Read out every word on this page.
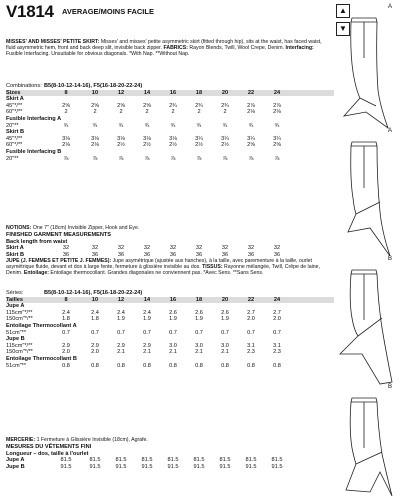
V1814 AVERAGE/MOINS FACILE	▲
▼
MISSES' AND MISSES' PETITE SKIRT: Misses' and misses' petite asymmetric skirt (fitted through hip), sits at the waist, has faced waist, fluid asymmetric hem, front and back deep slit, invisible back zipper. FABRICS: Rayon Blends, Twill, Wool Crepe, Denim. Interfacing: Fusible Interfacing. Unsuitable for obvious diagonals. *With Nap. **Without Nap.
Combinations: B5(8-10-12-14-16), F5(16-18-20-22-24)
Sizes	8	10	12	14	16	18	20	22	24
Skirt A
45"*/**	2⅝	2⅝	2⅝	2⅝	2¾	2¾	2¾	2⅞	2⅞
60"*/**	2	2	2	2	2	2	2	2⅛	2⅛
Fusible Interfacing A
20"**	¾	¾	¾	¾	¾	¾	¾	¾	¾
Skirt B
45"*/**	3⅛	3⅛	3⅛	3⅛	3⅛	3¼	3¼	3¼	3¼
60"*/**	2⅛	2⅛	2½	2½	2½	2½	2½	2⅝	2⅝
Fusible Interfacing B
20"**	⅞	⅞	⅞	⅞	⅞	⅞	⅞	⅞	⅞
NOTIONS: One 7" (18cm) Invisible Zipper, Hook and Eye.
FINISHED GARMENT MEASUREMENTS
Back length from waist
Skirt A	32	32	32	32	32	32	32	32	32
Skirt B	36	36	36	36	36	36	36	36	36
JUPE (J. FEMMES ET PETITE J. FEMMES): Jupe asymétrique (ajustée aux hanches), à la taille, avec parementure à la taille, ourlet asymétrique fluide, devant et dos à large fente, fermeture à glissière invisible au dos. TISSUS: Rayonne mélangée, Twill, Crêpe de laine, Denim. Entoilage: Entoilage thermocollant. Grandes diagonales ne conviennent pas. *Avec Sens. **Sans Sens.
Séries:	B5(8-10-12-14-16), F5(16-18-20-22-24)
Tailles	8	10	12	14	16	18	20	22	24
Jupe A
115cm"*/**	2.4	2.4	2.4	2.4	2.6	2.6	2.6	2.7	2.7
150cm"*/**	1.8	1.8	1.9	1.9	1.9	1.9	1.9	2.0	2.0
Entoilage Thermocollant A
51cm"**	0.7	0.7	0.7	0.7	0.7	0.7	0.7	0.7	0.7
Jupe B
115cm"*/**	2.9	2.9	2.9	2.9	3.0	3.0	3.0	3.1	3.1
150cm"*/**	2.0	2.0	2.1	2.1	2.1	2.1	2.1	2.3	2.3
Entoilage Thermocollant B
51cm"**	0.8	0.8	0.8	0.8	0.8	0.8	0.8	0.8	0.8
MERCERIE: 1 Fermeture à Glissière Invisible (18cm), Agrafe.
MESURES DU VÊTEMENTS FINI
Longueur – dos, taille à l'ourlet
Jupe A	81.5	81.5	81.5	81.5	81.5	81.5	81.5	81.5	81.5
Jupe B	91.5	91.5	91.5	91.5	91.5	91.5	91.5	91.5	91.5
A
A
B
B
